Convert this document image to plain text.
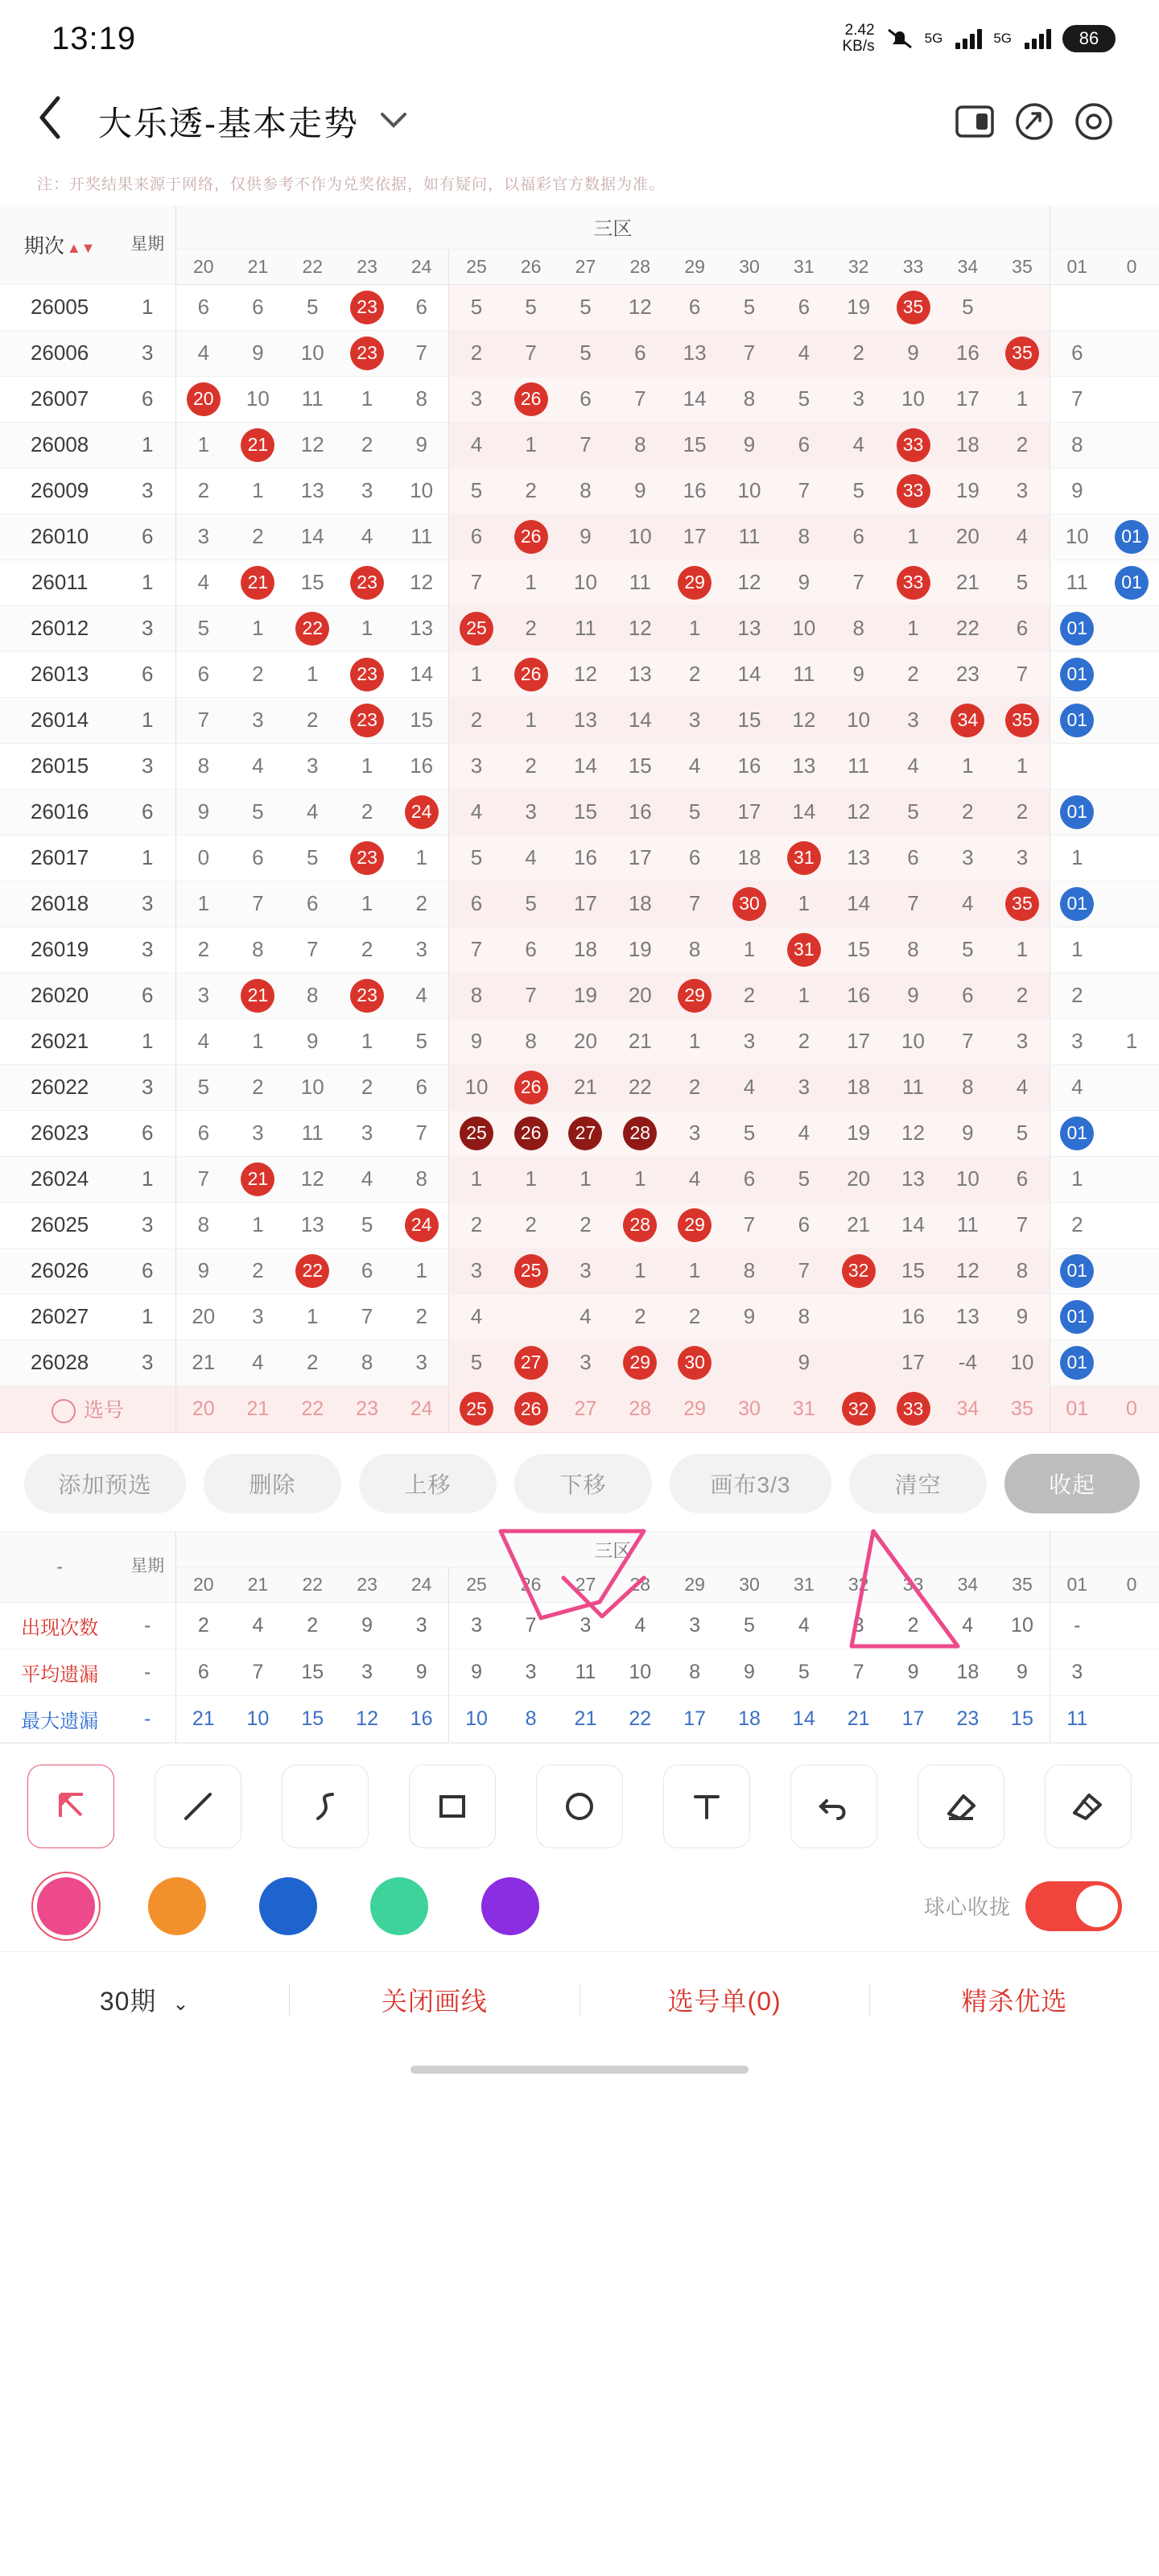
13:19	2.42
KB/s	5G	5G	86
大乐透-基本走势
注：开奖结果来源于网络，仅供参考不作为兑奖依据，如有疑问，以福彩官方数据为准。
期次 ▲▼	星期	三区																	
		20	21	22	23	24	25	26	27	28	29	30	31	32	33	34	35	01	0
26005	1	6	6	5	23	6	5	5	5	12	6	5	6	19	35	5			
26006	3	4	9	10	23	7	2	7	5	6	13	7	4	2	9	16	35	6	
26007	6	20	10	11	1	8	3	26	6	7	14	8	5	3	10	17	1	7	
26008	1	1	21	12	2	9	4	1	7	8	15	9	6	4	33	18	2	8	
26009	3	2	1	13	3	10	5	2	8	9	16	10	7	5	33	19	3	9	
26010	6	3	2	14	4	11	6	26	9	10	17	11	8	6	1	20	4	10	01
26011	1	4	21	15	23	12	7	1	10	11	29	12	9	7	33	21	5	11	01
26012	3	5	1	22	1	13	25	2	11	12	1	13	10	8	1	22	6	01	
26013	6	6	2	1	23	14	1	26	12	13	2	14	11	9	2	23	7	01	
26014	1	7	3	2	23	15	2	1	13	14	3	15	12	10	3	34	35	01	
26015	3	8	4	3	1	16	3	2	14	15	4	16	13	11	4	1	1		
26016	6	9	5	4	2	24	4	3	15	16	5	17	14	12	5	2	2	01	
26017	1	0	6	5	23	1	5	4	16	17	6	18	31	13	6	3	3	1	
26018	3	1	7	6	1	2	6	5	17	18	7	30	1	14	7	4	35	01	
26019	3	2	8	7	2	3	7	6	18	19	8	1	31	15	8	5	1	1	
26020	6	3	21	8	23	4	8	7	19	20	29	2	1	16	9	6	2	2	
26021	1	4	1	9	1	5	9	8	20	21	1	3	2	17	10	7	3	3	1
26022	3	5	2	10	2	6	10	26	21	22	2	4	3	18	11	8	4	4	
26023	6	6	3	11	3	7	25	26	27	28	3	5	4	19	12	9	5	01	
26024	1	7	21	12	4	8	1	1	1	1	4	6	5	20	13	10	6	1	
26025	3	8	1	13	5	24	2	2	2	28	29	7	6	21	14	11	7	2	
26026	6	9	2	22	6	1	3	25	3	1	1	8	7	32	15	12	8	01	
26027	1	20	3	1	7	2	4		4	2	2	9	8		16	13	9	01	
26028	3	21	4	2	8	3	5	27	3	29	30		9		17	-4	10	01	
选号		20	21	22	23	24	25	26	27	28	29	30	31	32	33	34	35	01	0
添加预选	删除	上移	下移	画布3/3	清空	收起
-	星期	三区																	
		20	21	22	23	24	25	26	27	28	29	30	31	32	33	34	35	01	0
出现次数	-	2	4	2	9	3	3	7	3	4	3	5	4	3	2	4	10	-	
平均遗漏	-	6	7	15	3	9	9	3	11	10	8	9	5	7	9	18	9	3	
最大遗漏	-	21	10	15	12	16	10	8	21	22	17	18	14	21	17	23	15	11	
球心收拢
30期 ⌄	关闭画线	选号单(0)	精杀优选
